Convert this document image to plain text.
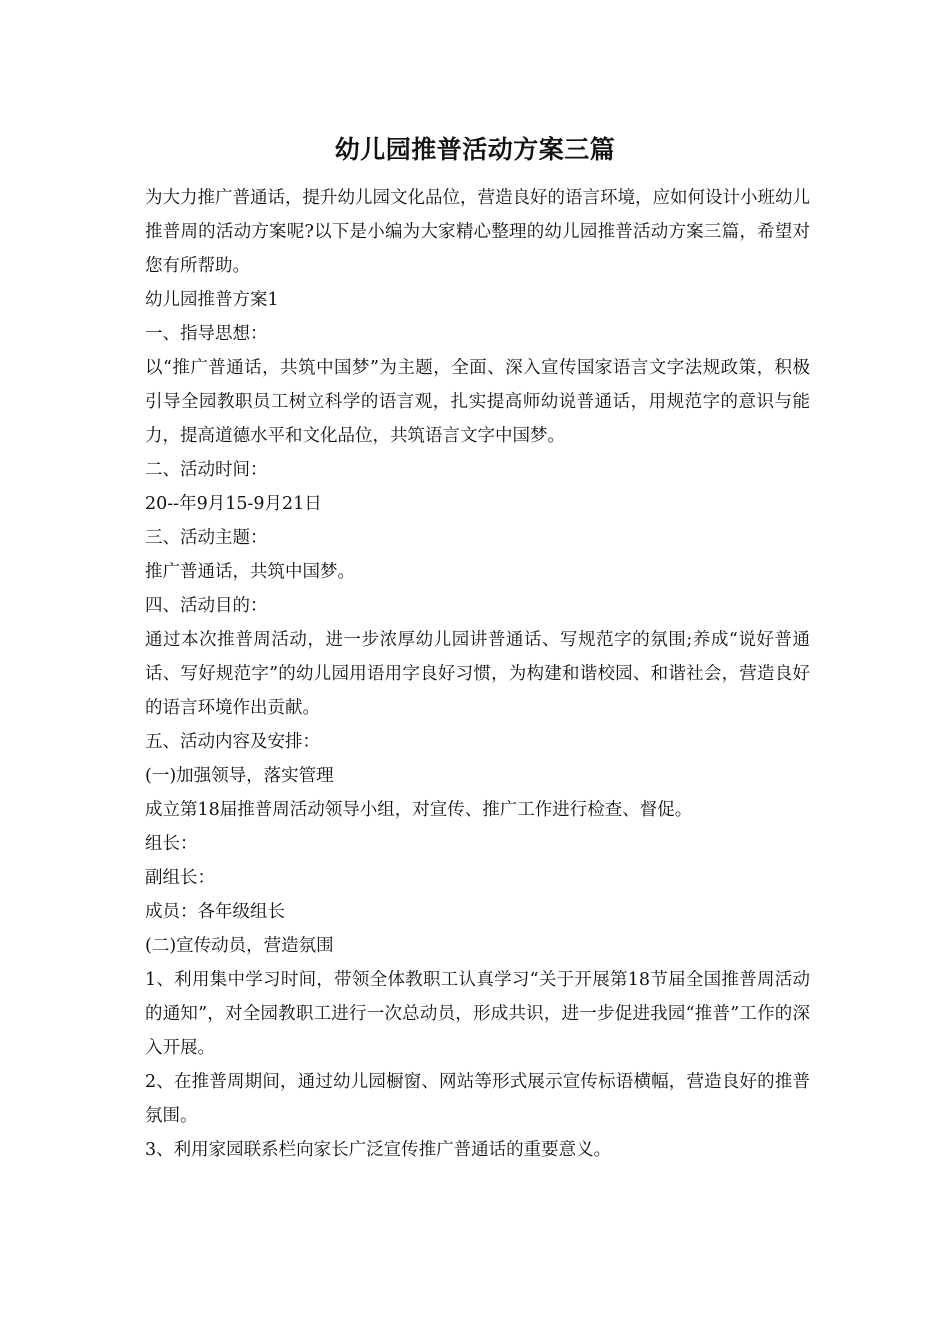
幼儿园推普活动方案三篇

为大力推广普通话，提升幼儿园文化品位，营造良好的语言环境，应如何设计小班幼儿推普周的活动方案呢?以下是小编为大家精心整理的幼儿园推普活动方案三篇，希望对您有所帮助。

幼儿园推普方案1

一、指导思想：

以“推广普通话，共筑中国梦”为主题，全面、深入宣传国家语言文字法规政策，积极引导全园教职员工树立科学的语言观，扎实提高师幼说普通话，用规范字的意识与能力，提高道德水平和文化品位，共筑语言文字中国梦。

二、活动时间：

20--年9月15-9月21日

三、活动主题：

推广普通话，共筑中国梦。

四、活动目的：

通过本次推普周活动，进一步浓厚幼儿园讲普通话、写规范字的氛围;养成“说好普通话、写好规范字”的幼儿园用语用字良好习惯，为构建和谐校园、和谐社会，营造良好的语言环境作出贡献。

五、活动内容及安排：

(一)加强领导，落实管理

成立第18届推普周活动领导小组，对宣传、推广工作进行检查、督促。

组长：

副组长：

成员：各年级组长

(二)宣传动员，营造氛围

1、利用集中学习时间，带领全体教职工认真学习“关于开展第18节届全国推普周活动的通知”，对全园教职工进行一次总动员，形成共识，进一步促进我园“推普”工作的深入开展。

2、在推普周期间，通过幼儿园橱窗、网站等形式展示宣传标语横幅，营造良好的推普氛围。

3、利用家园联系栏向家长广泛宣传推广普通话的重要意义。
